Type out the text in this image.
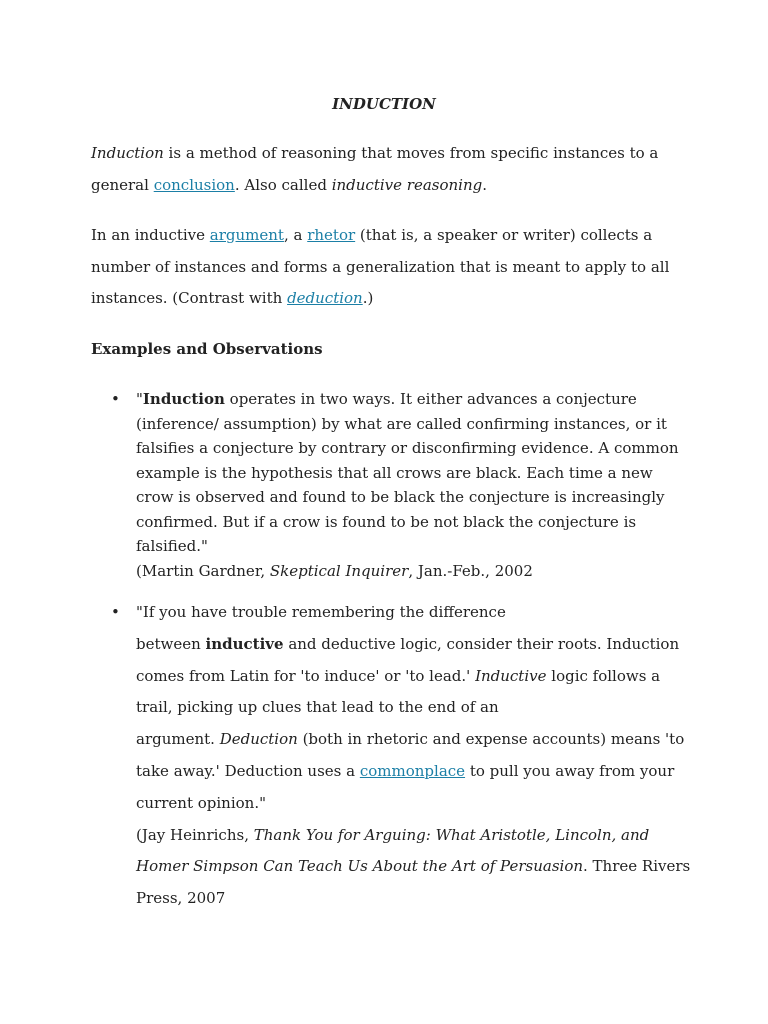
INDUCTION
Induction is a method of reasoning that moves from specific instances to a
general conclusion. Also called inductive reasoning.
In an inductive argument, a rhetor (that is, a speaker or writer) collects a
number of instances and forms a generalization that is meant to apply to all
instances. (Contrast with deduction.)
Examples and Observations
• "Induction operates in two ways. It either advances a conjecture
(inference/ assumption) by what are called confirming instances, or it
falsifies a conjecture by contrary or disconfirming evidence. A common
example is the hypothesis that all crows are black. Each time a new
crow is observed and found to be black the conjecture is increasingly
confirmed. But if a crow is found to be not black the conjecture is
falsified."
(Martin Gardner, Skeptical Inquirer, Jan.-Feb., 2002
• "If you have trouble remembering the difference
between inductive and deductive logic, consider their roots. Induction
comes from Latin for 'to induce' or 'to lead.' Inductive logic follows a
trail, picking up clues that lead to the end of an
argument. Deduction (both in rhetoric and expense accounts) means 'to
take away.' Deduction uses a commonplace to pull you away from your
current opinion."
(Jay Heinrichs, Thank You for Arguing: What Aristotle, Lincoln, and
Homer Simpson Can Teach Us About the Art of Persuasion. Three Rivers
Press, 2007
